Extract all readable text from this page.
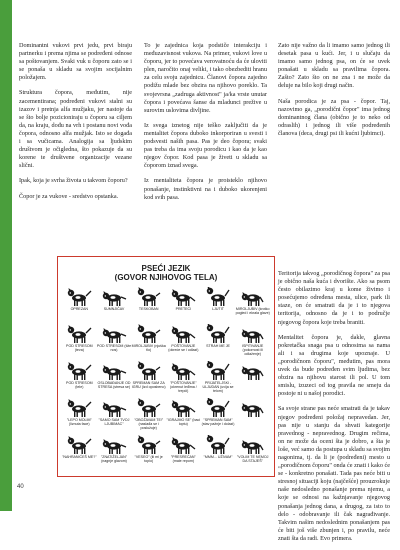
Dominantni vukovi prvi jedu, prvi biraju partnerku i prema njima se podređeni odnose sa poštovanjem. Svaki vuk u čoporu zato se i se ponaša u skladu sa svojim socijalnim položajem.

Struktura čopora, međutim, nije zacementirana; podređeni vukovi stalni su izazov i pretnja alfa mužjaku, jer nastoje da se što bolje pozicioniraju u čoporu sa ciljem da, na kraju, dođu na vrh i postanu novi vođa čopora, odnosno alfa mužjak. Isto se događa i sa vučicama. Analogija sa ljudskim društvom je očigledna, što pokazuje da su korene te društvene organizacije vezane slični.

Ipak, koja je svrha života u takvom čoporu?

Čopor je za vukove - sredstvo opstanka.

To je zajednica koja podstiče interakciju i međuzavisnost vukova. Na primer, vukovi love u čoporu, jer to povećava verovatnoću da će uloviti plen, naročito onaj veliki, i tako obezbediti hranu za celu svoju zajednicu. Članovi čopora zajedno podižu mlade bez obzira na njihovo poreklo. Ta svojevrsna „zadruga aktivnost" ja/ka vrste unutar čopora i povećava šanse da mladunci prežive u surovim uslovima divljine.

Iz svega iznetog nije teško zaključiti da je mentalitet čopora duboko inkorporiran u svesti i podsvesti naših pasa. Pas je deo čopora; svaki pas treba da ima svoju porodicu i kao da je kao njegov čopor. Kod pasa je živeti u skladu sa čoporom iznad svega.

Iz mentaliteta čopora je proisteklo njihovo ponašanje, instinktivni na i duboko ukorenjeni kod svih pasa.

Zato nije važno da li imamo samo jednog ili desetak pasa u kući. Jer, i u slučaju da imamo samo jednog psa, on će se uvek ponašati u skladu sa pravilima čopora. Zašto? Zato što on ne zna i ne može da deluje na bilo koji drugi način.

Naša porodica je za psa - čopor. Taj, nazovimo ga, „porodični čopor" ima jednog dominantnog člana (obično je to neko od odraslih) i jednog ili više podređenih članova (deca, drugi psi ili kućni ljubimci).

Teritorija takvog „porodičnog čopora" za psa je obično naša kuća i dvorište. Ako sa psom često obilazimo kraj u kome živimo i posećujemo određena mesta, ulice, park ili staze, on će smatrati da je i to njegova teritorija, odnosno da je i to područje njegovog čopora koje treba braniti.

Mentalitet čopora je, dakle, glavna pokretačka snaga psa u odnosima sa nama ali i sa drugima koje upoznaje. U „porodičnom čoporu", međutim, pas mora uvek da bude podređen svim ljudima, bez obzira na njihovu starost ili pol. U tom smislu, izuzeci od tog pravila ne smeju da postoje ni u našoj porodici.

Sa svoje strane pas neće smatrati da je takav njegov podređeni položaj nepravedan. Jer, pas nije u stanju da shvati kategorije pravednog - nepravednog. Drugim rečima, on ne može da oceni šta je dobro, a šta je loše, već samo da postupa u skladu sa svojim nagonima, tj. da li je (podređeni) mesto u „porodičnom čoporu" onda će znati i kako će se - konkretno ponašati. Tada pas neće biti u stresnoj situaciji koju (najčešće) prouzrokuje naše nedosledno ponašanje prema njemu, a koje se odnosi na kažnjavanje njegovog ponašanja jednog dana, a drugog, za isto to delo - odobravanje ili čak nagrađivanje. Takvim našim nedoslednim ponašanjem pas će biti još više zbunjen i, po pravilu, neće znati šta da radi. Evo primera.

PSEĆI JEZIK
(GOVOR NJIHOVOG TELA)
OPREZAN	SUMNJIČAV	TESKOBAN	PRETEĆI	LJUTIT	MIROLJUBIV (krotko pogled i ekrala glave)
POD STRESOM (teva)
POD STRESOM (tiže nos)
MIROLJUBIV (njuška tlo)
POŠTOVANJE (okreće se i odlazi)
STRAH ME JE	ISPITIVANJE (pokornost ili odlaženje)
POD STRESOM (tele)
OSLOBAĐANJE OD STRESA (stresa se)
SPREMAN SAM ZA IGRU (izd oposbeno)
"POŠTOVANJE" (okrenut leđima / trepći)
PRIJATELJSKI - ULJUDAN (uvija se telom)
"LEPO MOLIM" (liznuta face)
"SAMO SAM TVOJ LJUBIMAC"
"OBOŽAVAM TE!" (naslađa se i poslužuje)
"IGRAJMO SE" (baci loptu)
"SPREMAN SAM" (stav pažnje i dolazi)
"NAHRANIĆEŠ ME?"	"ZNATIŽELJAN" (nagnje glavom)
"VESEO" (ili mi je toplo)
"PRESREĆAN" (male repom)
"MMM... UŽIVAM"	"VOLIM TE NEMOJ DA STAJEŠ"
40
